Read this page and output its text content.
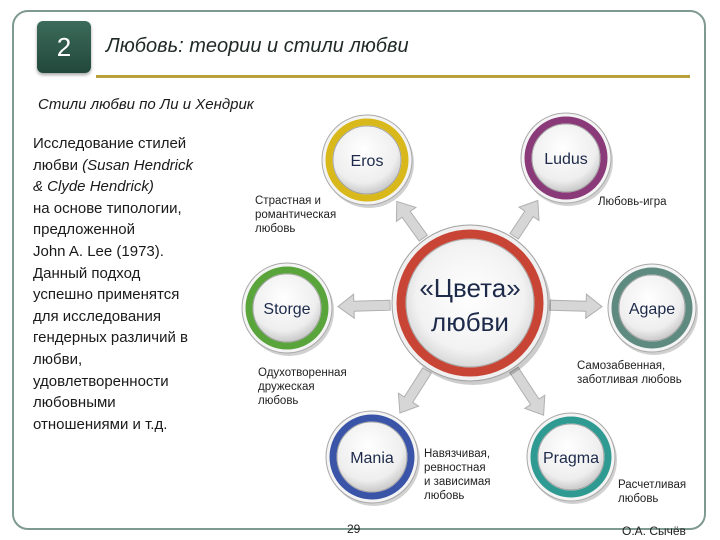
2	Любовь: теории и стили любви
Стили любви по Ли и Хендрик
Исследование стилей
любви (Susan Hendrick
& Clyde Hendrick)
на основе типологии,
предложенной
John A. Lee (1973).
Данный подход
успешно применятся
для исследования
гендерных различий в
любви,
удовлетворенности
любовными
отношениями и т.д.
Eros	Ludus
Storge	Agape
Mania	Pragma
«Цвета»
любви
Страстная и
романтическая
любовь
Любовь-игра
Одухотворенная
дружеская
любовь
Самозабвенная,
заботливая любовь
Навязчивая,
ревностная
и зависимая
любовь
Расчетливая
любовь
29	О.А. Сычёв
